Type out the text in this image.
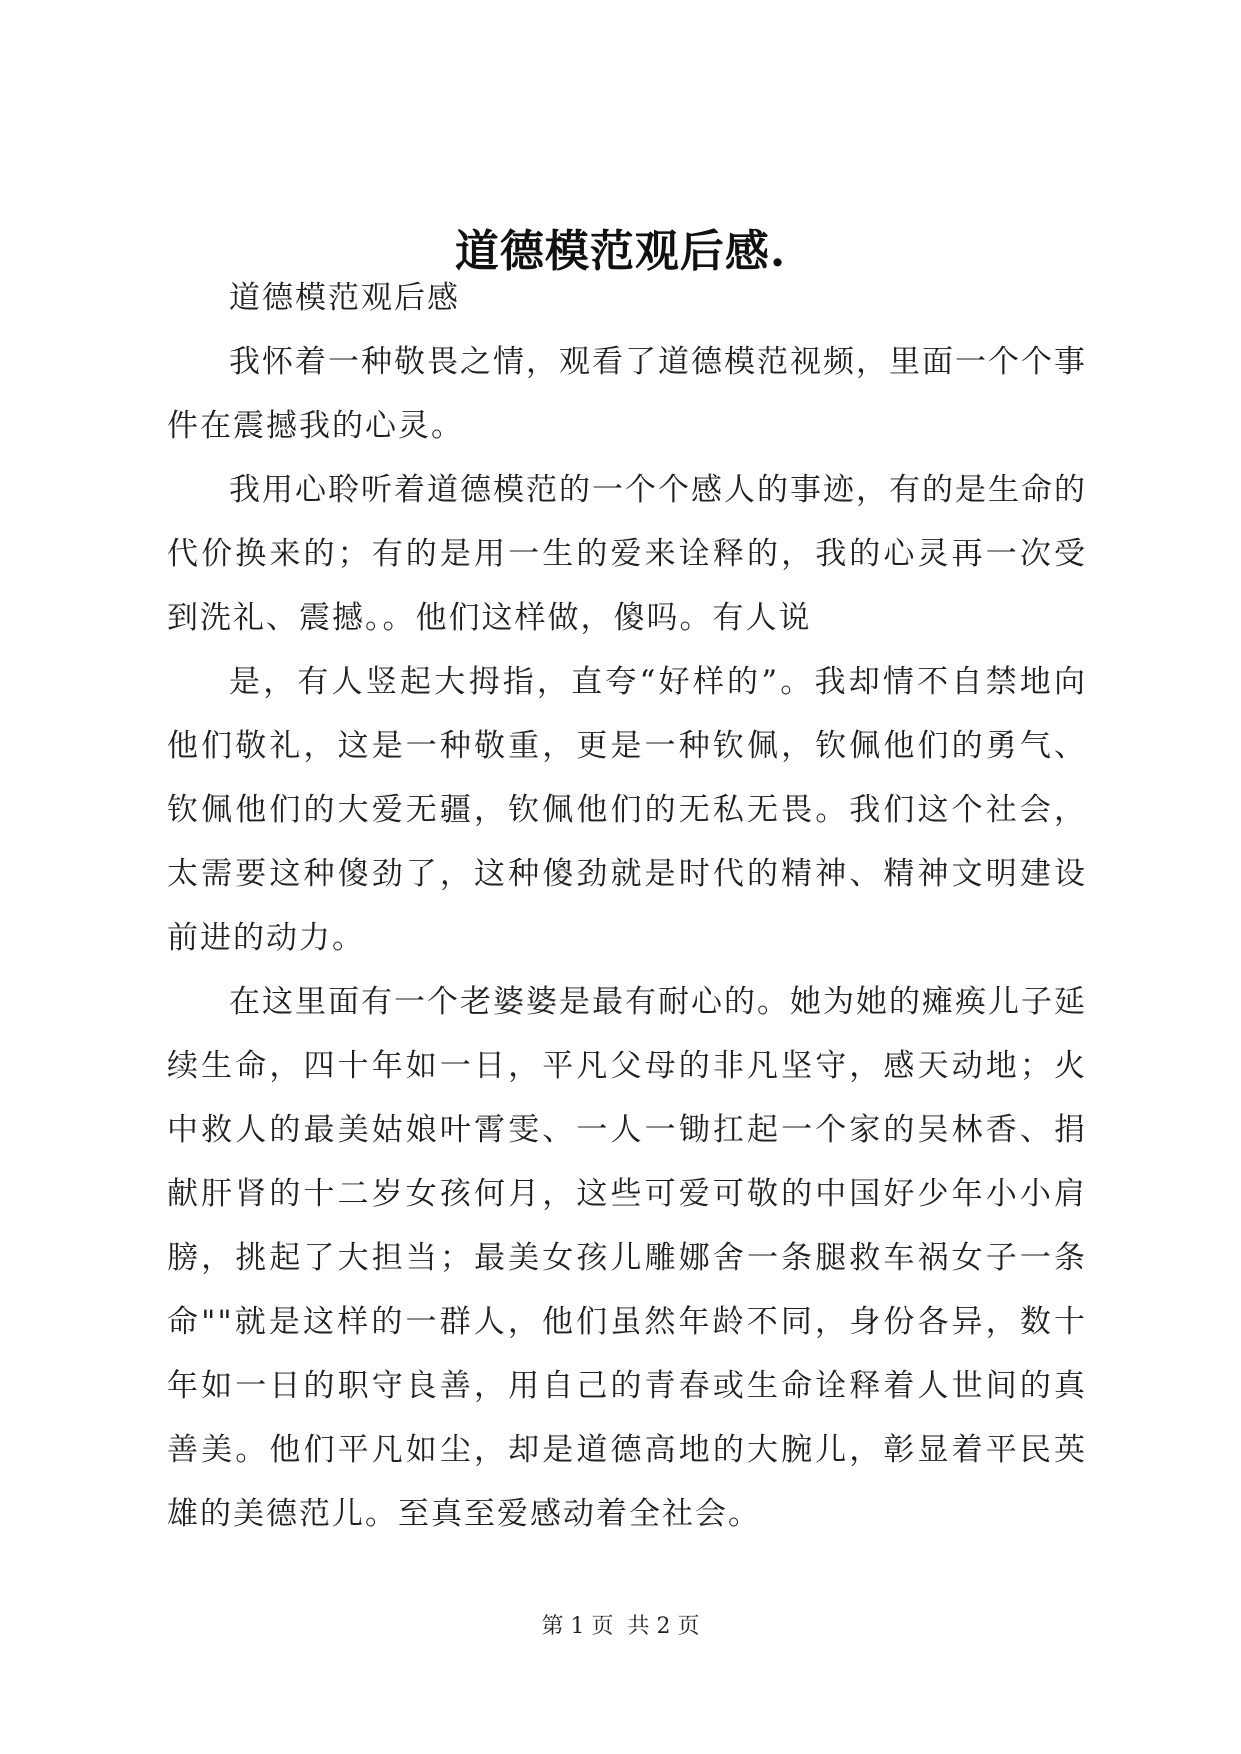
道德模范观后感.

道德模范观后感

我怀着一种敬畏之情，观看了道德模范视频，里面一个个事件在震撼我的心灵。

我用心聆听着道德模范的一个个感人的事迹，有的是生命的代价换来的；有的是用一生的爱来诠释的，我的心灵再一次受到洗礼、震撼。。他们这样做，傻吗。有人说

是，有人竖起大拇指，直夸“好样的”。我却情不自禁地向他们敬礼，这是一种敬重，更是一种钦佩，钦佩他们的勇气、钦佩他们的大爱无疆，钦佩他们的无私无畏。我们这个社会，太需要这种傻劲了，这种傻劲就是时代的精神、精神文明建设前进的动力。

在这里面有一个老婆婆是最有耐心的。她为她的瘫痪儿子延续生命，四十年如一日，平凡父母的非凡坚守，感天动地；火中救人的最美姑娘叶霄雯、一人一锄扛起一个家的吴林香、捐献肝肾的十二岁女孩何月，这些可爱可敬的中国好少年小小肩膀，挑起了大担当；最美女孩儿雕娜舍一条腿救车祸女子一条命""就是这样的一群人，他们虽然年龄不同，身份各异，数十年如一日的职守良善，用自己的青春或生命诠释着人世间的真善美。他们平凡如尘，却是道德高地的大腕儿，彰显着平民英雄的美德范儿。至真至爱感动着全社会。

第 1 页  共 2 页
